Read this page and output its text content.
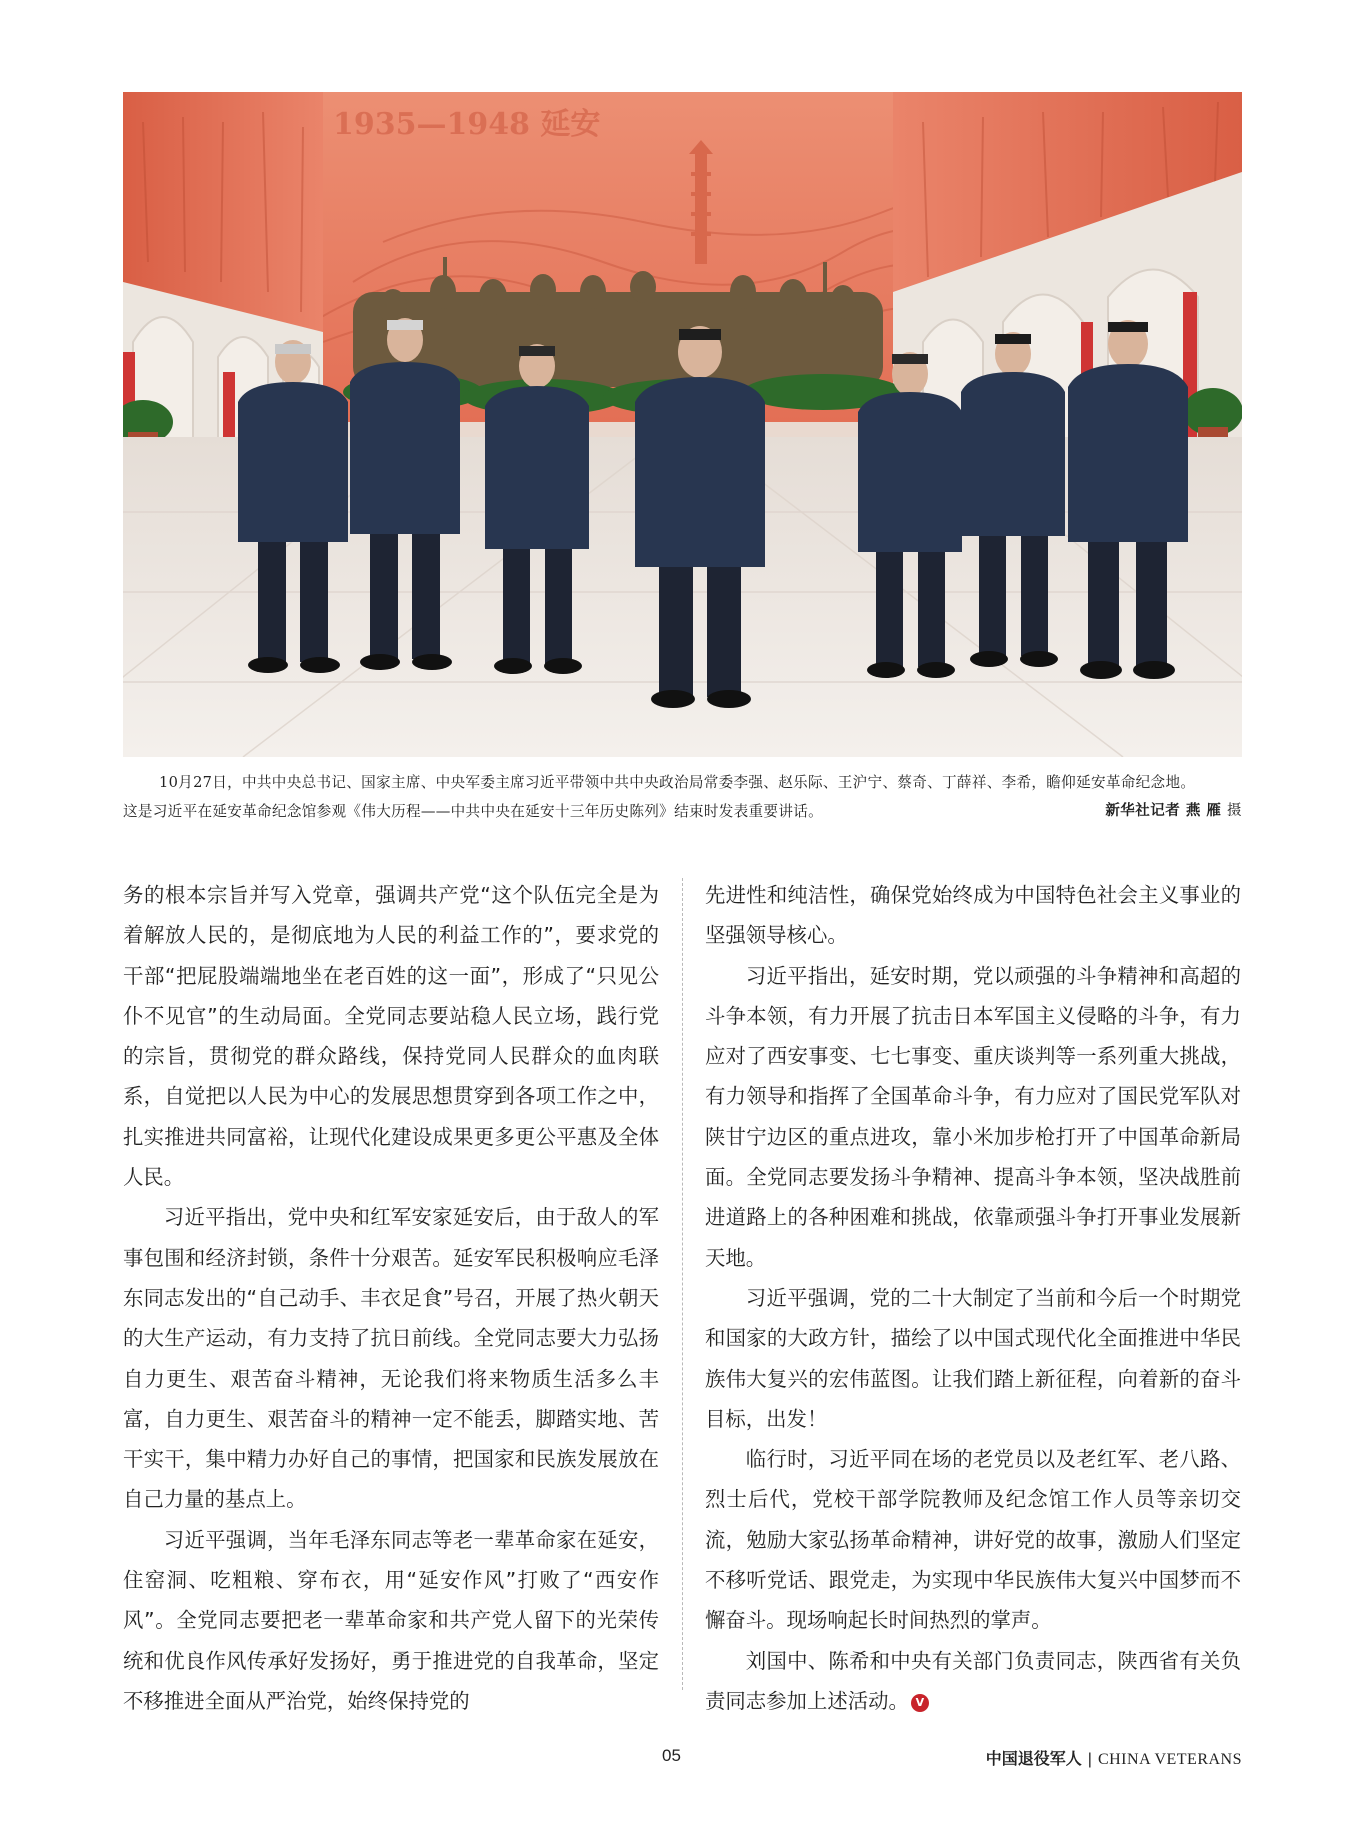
1935—1948 延安
10月27日，中共中央总书记、国家主席、中央军委主席习近平带领中共中央政治局常委李强、赵乐际、王沪宁、蔡奇、丁薛祥、李希，瞻仰延安革命纪念地。
这是习近平在延安革命纪念馆参观《伟大历程——中共中央在延安十三年历史陈列》结束时发表重要讲话。	新华社记者 燕 雁 摄

务的根本宗旨并写入党章，强调共产党“这个队伍完全是为着解放人民的，是彻底地为人民的利益工作的”，要求党的干部“把屁股端端地坐在老百姓的这一面”，形成了“只见公仆不见官”的生动局面。全党同志要站稳人民立场，践行党的宗旨，贯彻党的群众路线，保持党同人民群众的血肉联系，自觉把以人民为中心的发展思想贯穿到各项工作之中，扎实推进共同富裕，让现代化建设成果更多更公平惠及全体人民。

习近平指出，党中央和红军安家延安后，由于敌人的军事包围和经济封锁，条件十分艰苦。延安军民积极响应毛泽东同志发出的“自己动手、丰衣足食”号召，开展了热火朝天的大生产运动，有力支持了抗日前线。全党同志要大力弘扬自力更生、艰苦奋斗精神，无论我们将来物质生活多么丰富，自力更生、艰苦奋斗的精神一定不能丢，脚踏实地、苦干实干，集中精力办好自己的事情，把国家和民族发展放在自己力量的基点上。

习近平强调，当年毛泽东同志等老一辈革命家在延安，住窑洞、吃粗粮、穿布衣，用“延安作风”打败了“西安作风”。全党同志要把老一辈革命家和共产党人留下的光荣传统和优良作风传承好发扬好，勇于推进党的自我革命，坚定不移推进全面从严治党，始终保持党的

先进性和纯洁性，确保党始终成为中国特色社会主义事业的坚强领导核心。

习近平指出，延安时期，党以顽强的斗争精神和高超的斗争本领，有力开展了抗击日本军国主义侵略的斗争，有力应对了西安事变、七七事变、重庆谈判等一系列重大挑战，有力领导和指挥了全国革命斗争，有力应对了国民党军队对陕甘宁边区的重点进攻，靠小米加步枪打开了中国革命新局面。全党同志要发扬斗争精神、提高斗争本领，坚决战胜前进道路上的各种困难和挑战，依靠顽强斗争打开事业发展新天地。

习近平强调，党的二十大制定了当前和今后一个时期党和国家的大政方针，描绘了以中国式现代化全面推进中华民族伟大复兴的宏伟蓝图。让我们踏上新征程，向着新的奋斗目标，出发！

临行时，习近平同在场的老党员以及老红军、老八路、烈士后代，党校干部学院教师及纪念馆工作人员等亲切交流，勉励大家弘扬革命精神，讲好党的故事，激励人们坚定不移听党话、跟党走，为实现中华民族伟大复兴中国梦而不懈奋斗。现场响起长时间热烈的掌声。

刘国中、陈希和中央有关部门负责同志，陕西省有关负责同志参加上述活动。 V

05	中国退役军人 | CHINA VETERANS
